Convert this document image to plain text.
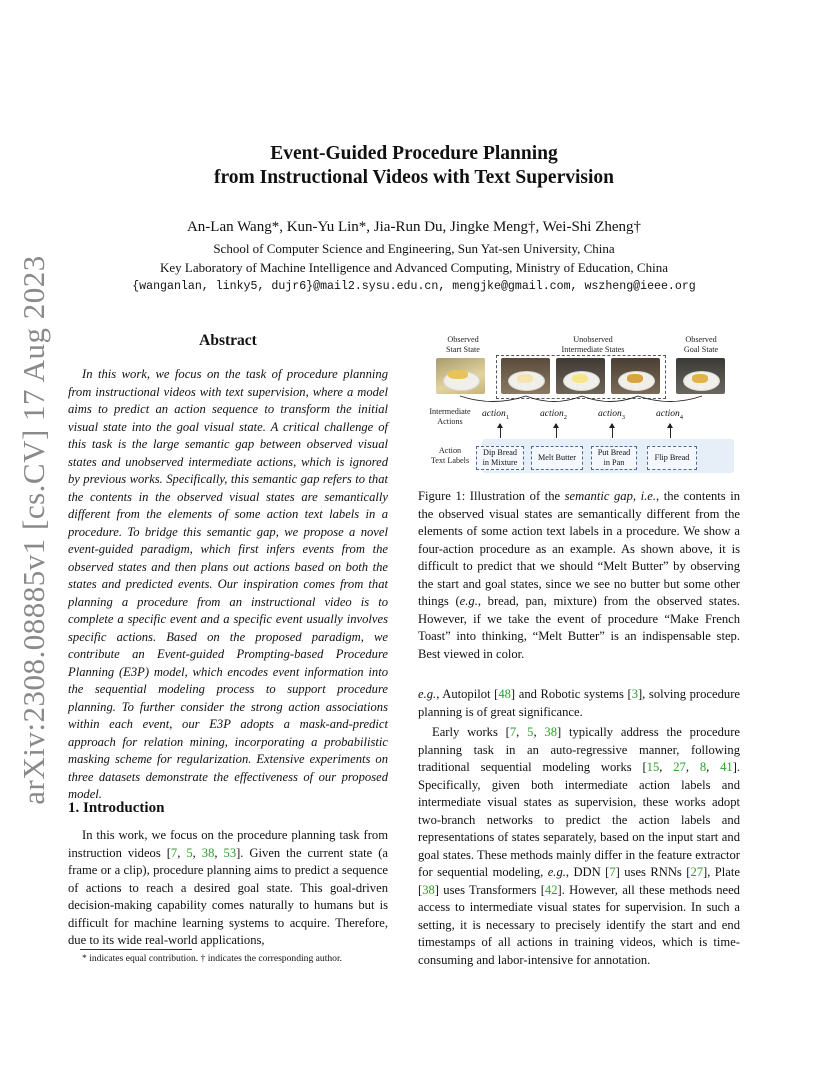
arXiv:2308.08885v1 [cs.CV] 17 Aug 2023
Event-Guided Procedure Planning
from Instructional Videos with Text Supervision
An-Lan Wang*, Kun-Yu Lin*, Jia-Run Du, Jingke Meng†, Wei-Shi Zheng†
School of Computer Science and Engineering, Sun Yat-sen University, China
Key Laboratory of Machine Intelligence and Advanced Computing, Ministry of Education, China
{wanganlan, linky5, dujr6}@mail2.sysu.edu.cn, mengjke@gmail.com, wszheng@ieee.org
Abstract
In this work, we focus on the task of procedure planning from instructional videos with text supervision, where a model aims to predict an action sequence to transform the initial visual state into the goal visual state. A critical challenge of this task is the large semantic gap between observed visual states and unobserved intermediate actions, which is ignored by previous works. Specifically, this semantic gap refers to that the contents in the observed visual states are semantically different from the elements of some action text labels in a procedure. To bridge this semantic gap, we propose a novel event-guided paradigm, which first infers events from the observed states and then plans out actions based on both the states and predicted events. Our inspiration comes from that planning a procedure from an instructional video is to complete a specific event and a specific event usually involves specific actions. Based on the proposed paradigm, we contribute an Event-guided Prompting-based Procedure Planning (E3P) model, which encodes event information into the sequential modeling process to support procedure planning. To further consider the strong action associations within each event, our E3P adopts a mask-and-predict approach for relation mining, incorporating a probabilistic masking scheme for regularization. Extensive experiments on three datasets demonstrate the effectiveness of our proposed model.
1. Introduction
In this work, we focus on the procedure planning task from instruction videos [7, 5, 38, 53]. Given the current state (a frame or a clip), procedure planning aims to predict a sequence of actions to reach a desired goal state. This goal-driven decision-making capability comes naturally to humans but is difficult for machine learning systems to acquire. Therefore, due to its wide real-world applications,
* indicates equal contribution. † indicates the corresponding author.
Observed
Start State
Unobserved
Intermediate States
Observed
Goal State
Intermediate
Actions
action$_1$	action$_2$	action$_3$	action$_4$
Action
Text Labels
Dip Bread
in Mixture
Melt Butter
Put Bread
in Pan
Flip Bread
Figure 1: Illustration of the semantic gap, i.e., the contents in the observed visual states are semantically different from the elements of some action text labels in a procedure. We show a four-action procedure as an example. As shown above, it is difficult to predict that we should “Melt Butter” by observing the start and goal states, since we see no butter but some other things (e.g., bread, pan, mixture) from the observed states. However, if we take the event of procedure “Make French Toast” into thinking, “Melt Butter” is an indispensable step. Best viewed in color.
e.g., Autopilot [48] and Robotic systems [3], solving procedure planning is of great significance.
Early works [7, 5, 38] typically address the procedure planning task in an auto-regressive manner, following traditional sequential modeling works [15, 27, 8, 41]. Specifically, given both intermediate action labels and intermediate visual states as supervision, these works adopt two-branch networks to predict the action labels and representations of states separately, based on the input start and goal states. These methods mainly differ in the feature extractor for sequential modeling, e.g., DDN [7] uses RNNs [27], Plate [38] uses Transformers [42]. However, all these methods need access to intermediate visual states for supervision. In such a setting, it is necessary to precisely identify the start and end timestamps of all actions in training videos, which is time-consuming and labor-intensive for annotation.
